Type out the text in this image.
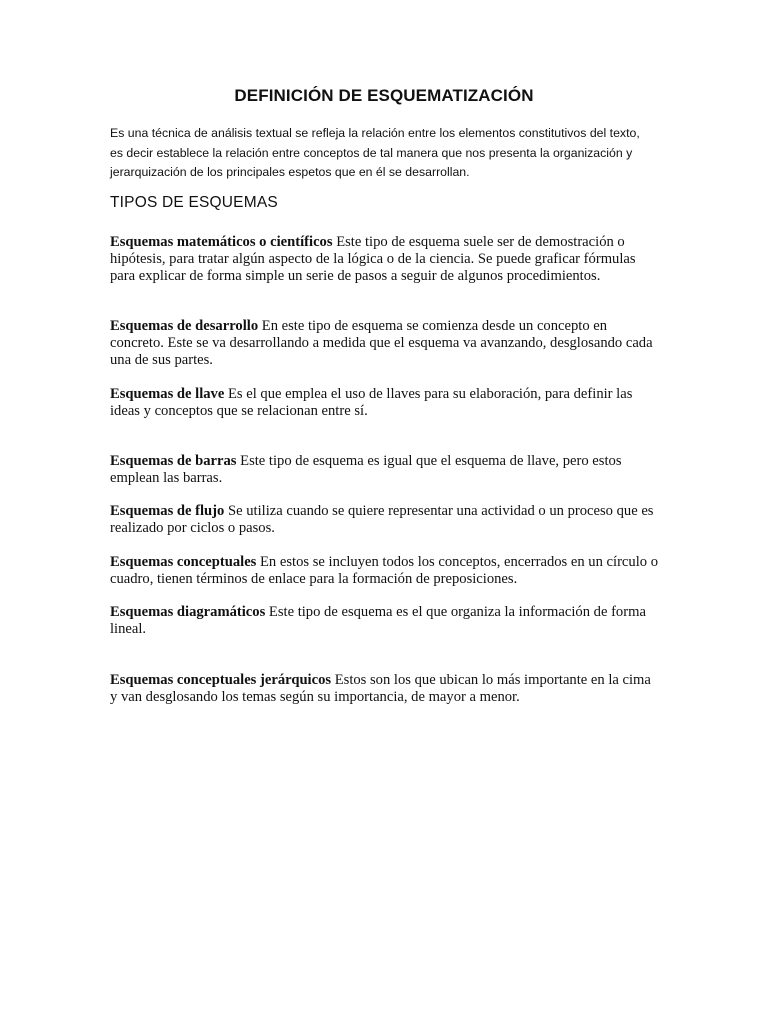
DEFINICIÓN DE ESQUEMATIZACIÓN

Es una técnica de análisis textual se refleja la relación entre los elementos constitutivos del texto, es decir establece la relación entre conceptos de tal manera que nos presenta la organización y jerarquización de los principales espetos que en él se desarrollan.

TIPOS DE ESQUEMAS

Esquemas matemáticos o científicos Este tipo de esquema suele ser de demostración o hipótesis, para tratar algún aspecto de la lógica o de la ciencia. Se puede graficar fórmulas para explicar de forma simple un serie de pasos a seguir de algunos procedimientos.

Esquemas de desarrollo En este tipo de esquema se comienza desde un concepto en concreto. Este se va desarrollando a medida que el esquema va avanzando, desglosando cada una de sus partes.

Esquemas de llave Es el que emplea el uso de llaves para su elaboración, para definir las ideas y conceptos que se relacionan entre sí.

Esquemas de barras Este tipo de esquema es igual que el esquema de llave, pero estos emplean las barras.

Esquemas de flujo Se utiliza cuando se quiere representar una actividad o un proceso que es realizado por ciclos o pasos.

Esquemas conceptuales En estos se incluyen todos los conceptos, encerrados en un círculo o cuadro, tienen términos de enlace para la formación de preposiciones.

Esquemas diagramáticos Este tipo de esquema es el que organiza la información de forma lineal.

Esquemas conceptuales jerárquicos Estos son los que ubican lo más importante en la cima y van desglosando los temas según su importancia, de mayor a menor.
